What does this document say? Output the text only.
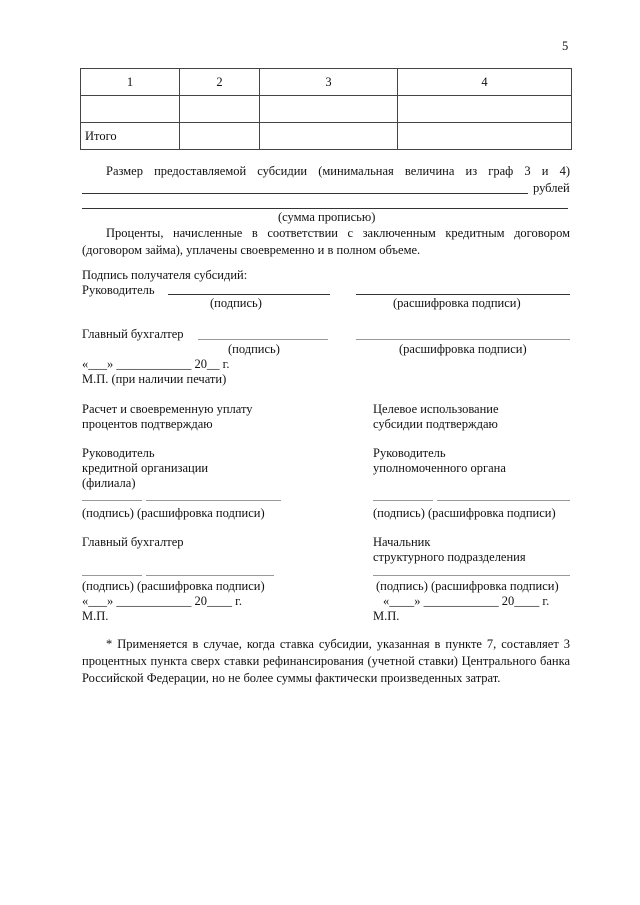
5
1	2	3	4

Итого			
Размер предоставляемой субсидии (минимальная величина из граф 3 и 4)
рублей
(сумма прописью)
Проценты, начисленные в соответствии с заключенным кредитным договором (договором займа), уплачены своевременно и в полном объеме.
Подпись получателя субсидий:
Руководитель
(подпись)	(расшифровка подписи)
Главный бухгалтер
(подпись)	(расшифровка подписи)
«___» ____________ 20__ г.
М.П. (при наличии печати)
Расчет и своевременную уплату
процентов подтверждаю
Руководитель
кредитной организации
(филиала)
(подпись) (расшифровка подписи)
Главный бухгалтер
(подпись) (расшифровка подписи)
«___» ____________ 20____ г.
М.П.
Целевое использование
субсидии подтверждаю
Руководитель
уполномоченного органа
(подпись) (расшифровка подписи)
Начальник
структурного подразделения
(подпись) (расшифровка подписи)
«____» ____________ 20____ г.
М.П.
* Применяется в случае, когда ставка субсидии, указанная в пункте 7, составляет 3 процентных пункта сверх ставки рефинансирования (учетной ставки) Центрального банка Российской Федерации, но не более суммы фактически произведенных затрат.
